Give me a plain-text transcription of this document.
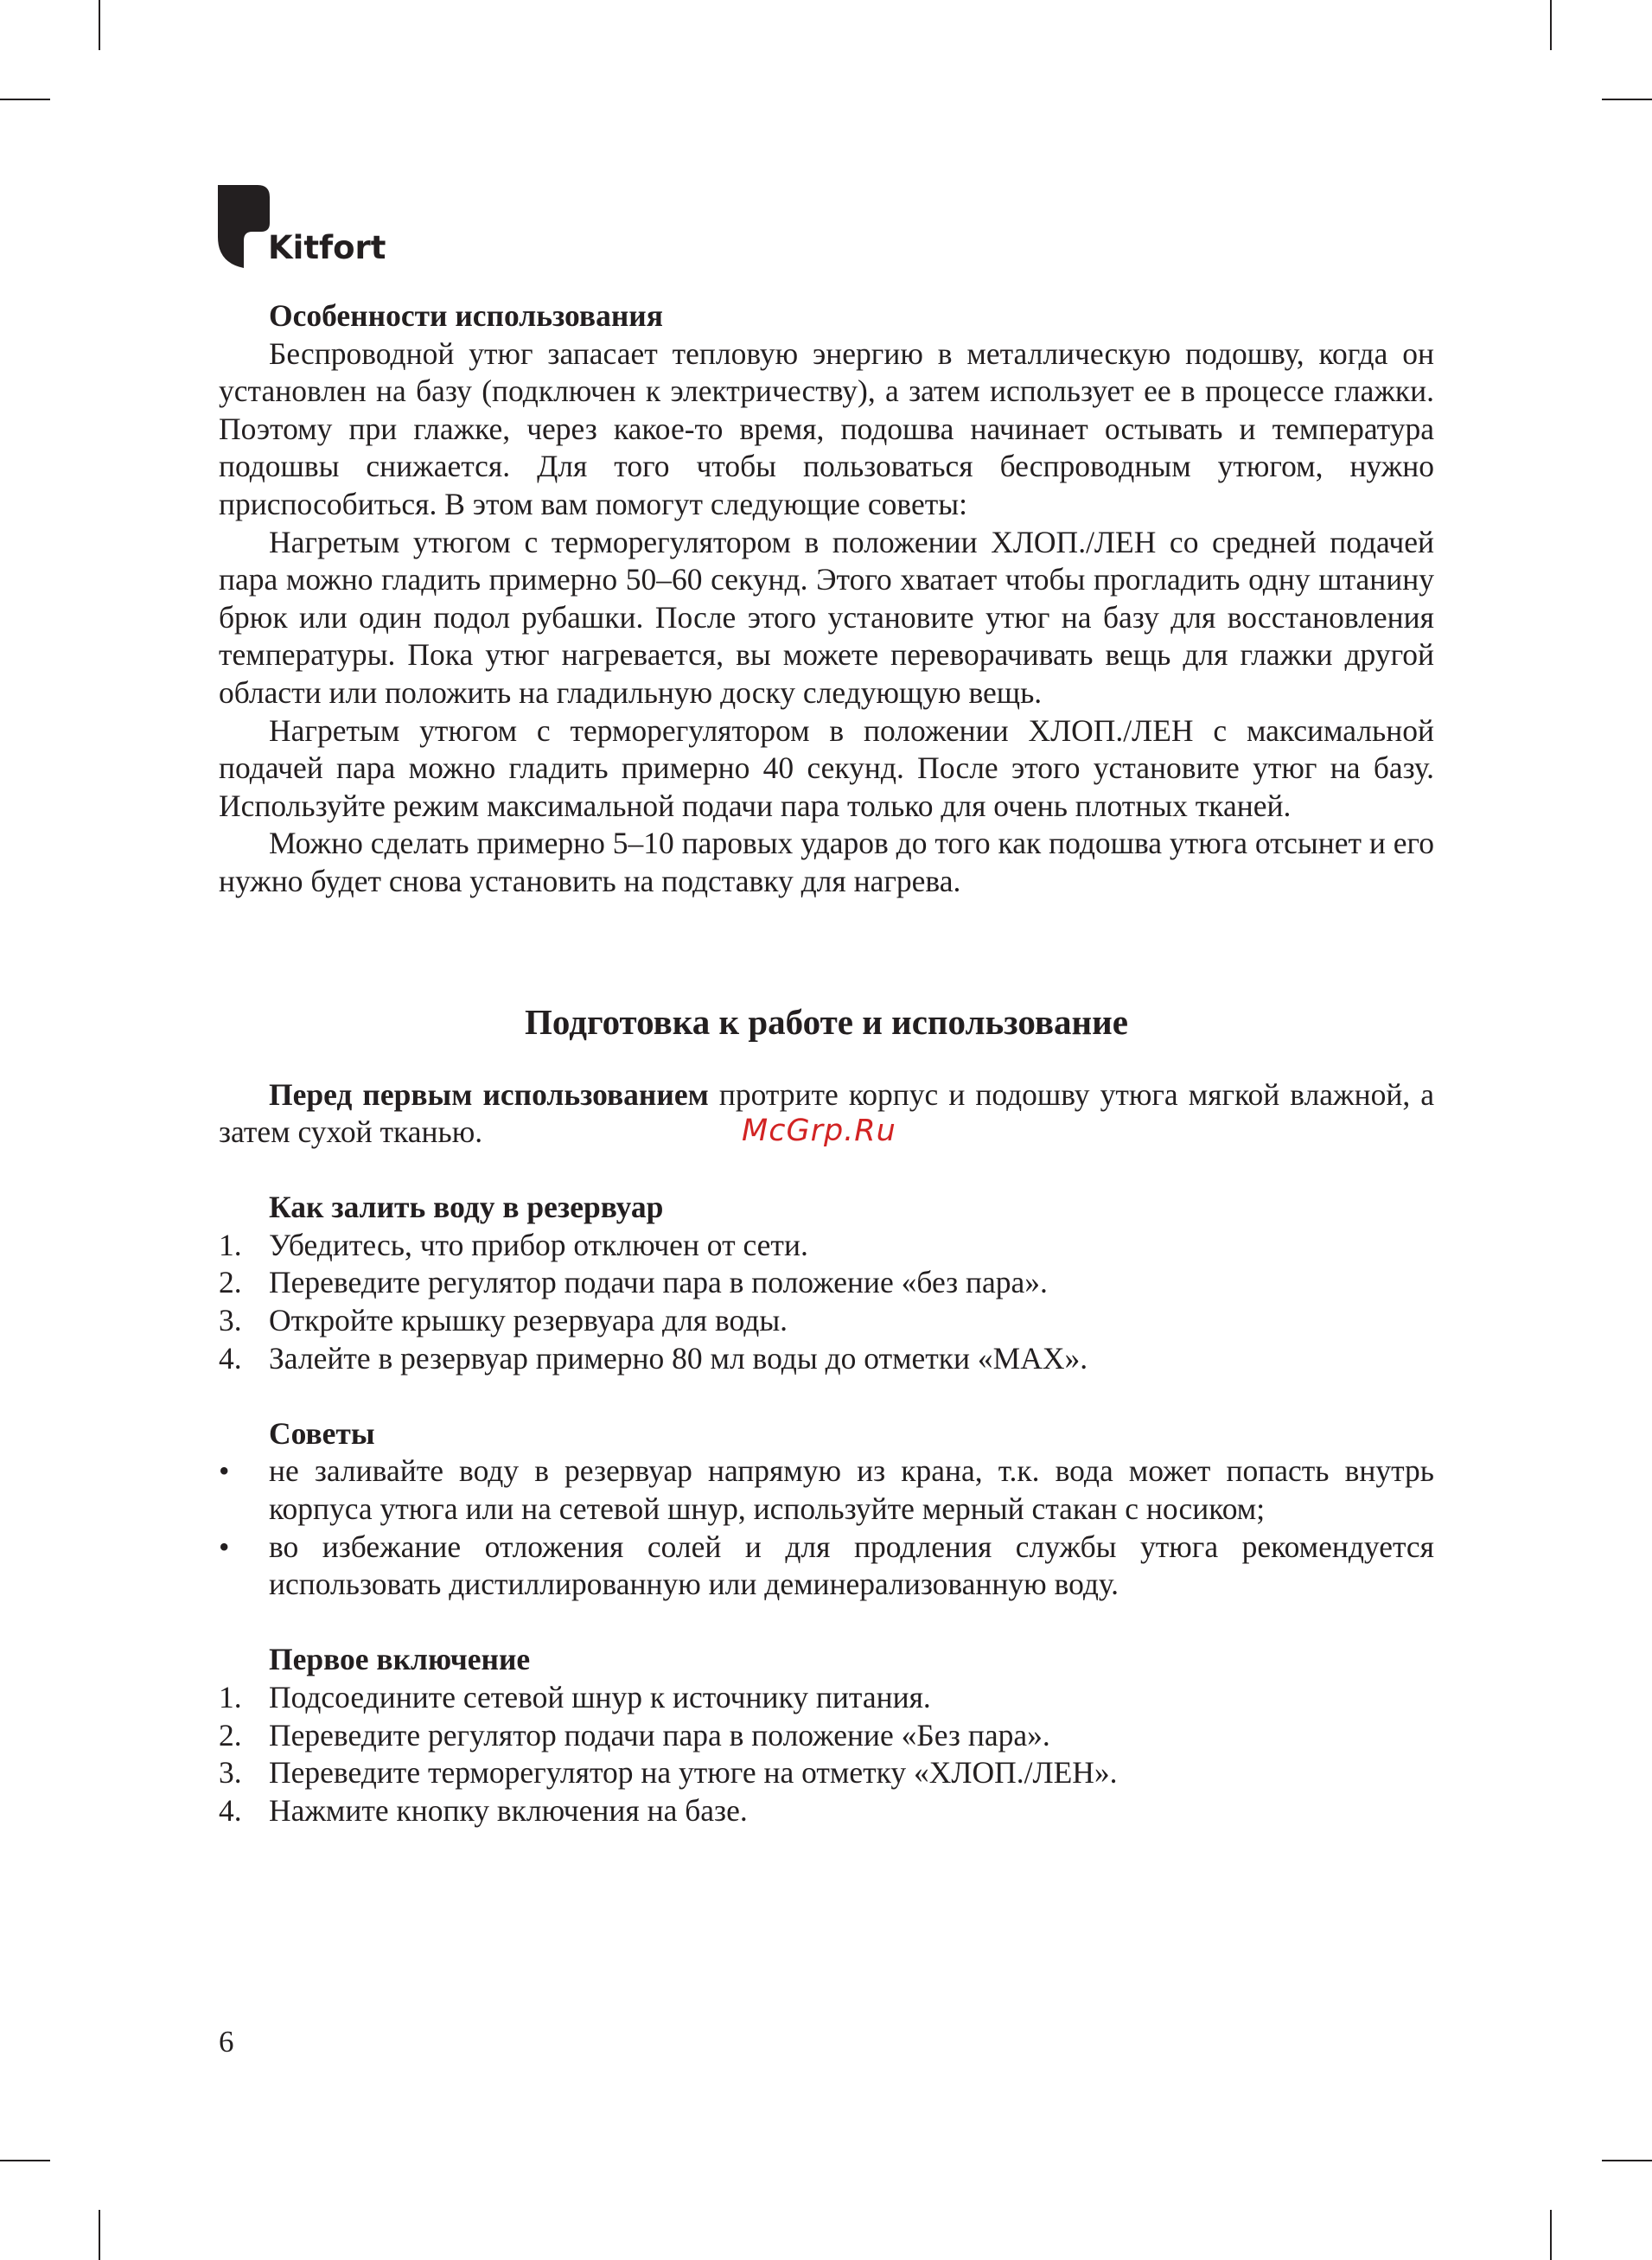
Kitfort
McGrp.Ru

Особенности использования

Беспроводной утюг запасает тепловую энергию в металлическую подошву, когда он установлен на базу (подключен к электричеству), а затем использует ее в процессе глажки. Поэтому при глажке, через какое-то время, подошва начинает остывать и температура подошвы снижается. Для того чтобы пользоваться беспроводным утюгом, нужно приспособиться. В этом вам помогут следующие советы:

Нагретым утюгом с терморегулятором в положении ХЛОП./ЛЕН со средней подачей пара можно гладить примерно 50–60 секунд. Этого хватает чтобы прогладить одну штанину брюк или один подол рубашки. После этого установите утюг на базу для восстановления температуры. Пока утюг нагревается, вы можете переворачивать вещь для глажки другой области или положить на гладильную доску следующую вещь.

Нагретым утюгом с терморегулятором в положении ХЛОП./ЛЕН с максимальной подачей пара можно гладить примерно 40 секунд. После этого установите утюг на базу. Используйте режим максимальной подачи пара только для очень плотных тканей.

Можно сделать примерно 5–10 паровых ударов до того как подошва утюга отсынет и его нужно будет снова установить на подставку для нагрева.

Подготовка к работе и использование

Перед первым использованием протрите корпус и подошву утюга мягкой влажной, а затем сухой тканью.

Как залить воду в резервуар

1. Убедитесь, что прибор отключен от сети.
2. Переведите регулятор подачи пара в положение «без пара».
3. Откройте крышку резервуара для воды.
4. Залейте в резервуар примерно 80 мл воды до отметки «MAX».

Советы

•	не заливайте воду в резервуар напрямую из крана, т.к. вода может попасть внутрь корпуса утюга или на сетевой шнур, используйте мерный стакан с носиком;
•	во избежание отложения солей и для продления службы утюга рекомендуется использовать дистиллированную или деминерализованную воду.

Первое включение

1. Подсоедините сетевой шнур к источнику питания.
2. Переведите регулятор подачи пара в положение «Без пара».
3. Переведите терморегулятор на утюге на отметку «ХЛОП./ЛЕН».
4. Нажмите кнопку включения на базе.
6
